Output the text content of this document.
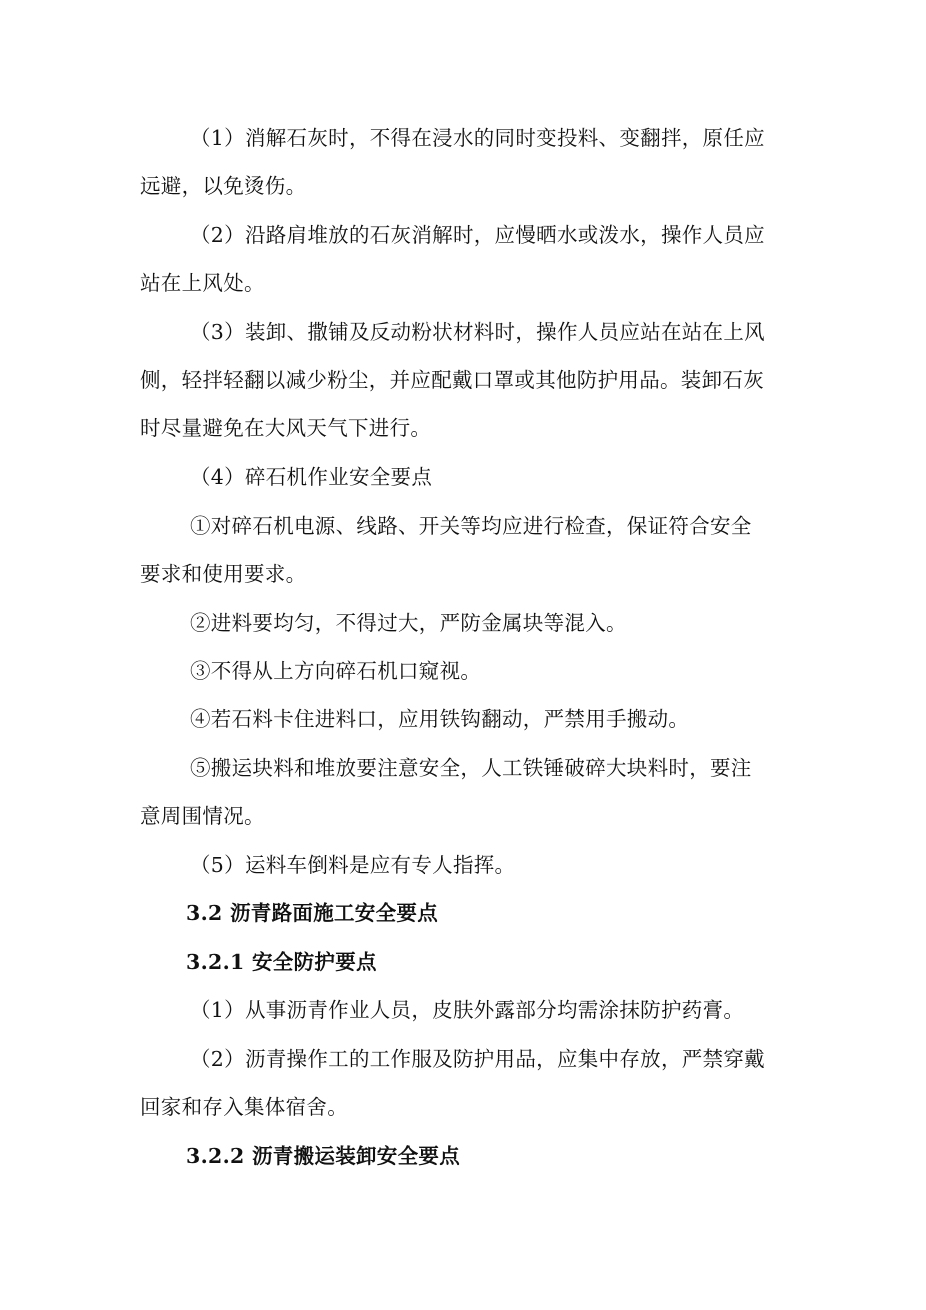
（1）消解石灰时，不得在浸水的同时变投料、变翻拌，原任应
远避，以免烫伤。
（2）沿路肩堆放的石灰消解时，应慢晒水或泼水，操作人员应
站在上风处。
（3）装卸、撒铺及反动粉状材料时，操作人员应站在站在上风
侧，轻拌轻翻以减少粉尘，并应配戴口罩或其他防护用品。装卸石灰
时尽量避免在大风天气下进行。
（4）碎石机作业安全要点
①对碎石机电源、线路、开关等均应进行检查，保证符合安全
要求和使用要求。
②进料要均匀，不得过大，严防金属块等混入。
③不得从上方向碎石机口窥视。
④若石料卡住进料口，应用铁钩翻动，严禁用手搬动。
⑤搬运块料和堆放要注意安全，人工铁锤破碎大块料时，要注
意周围情况。
（5）运料车倒料是应有专人指挥。
3.2 沥青路面施工安全要点
3.2.1 安全防护要点
（1）从事沥青作业人员，皮肤外露部分均需涂抹防护药膏。
（2）沥青操作工的工作服及防护用品，应集中存放，严禁穿戴
回家和存入集体宿舍。
3.2.2 沥青搬运装卸安全要点
